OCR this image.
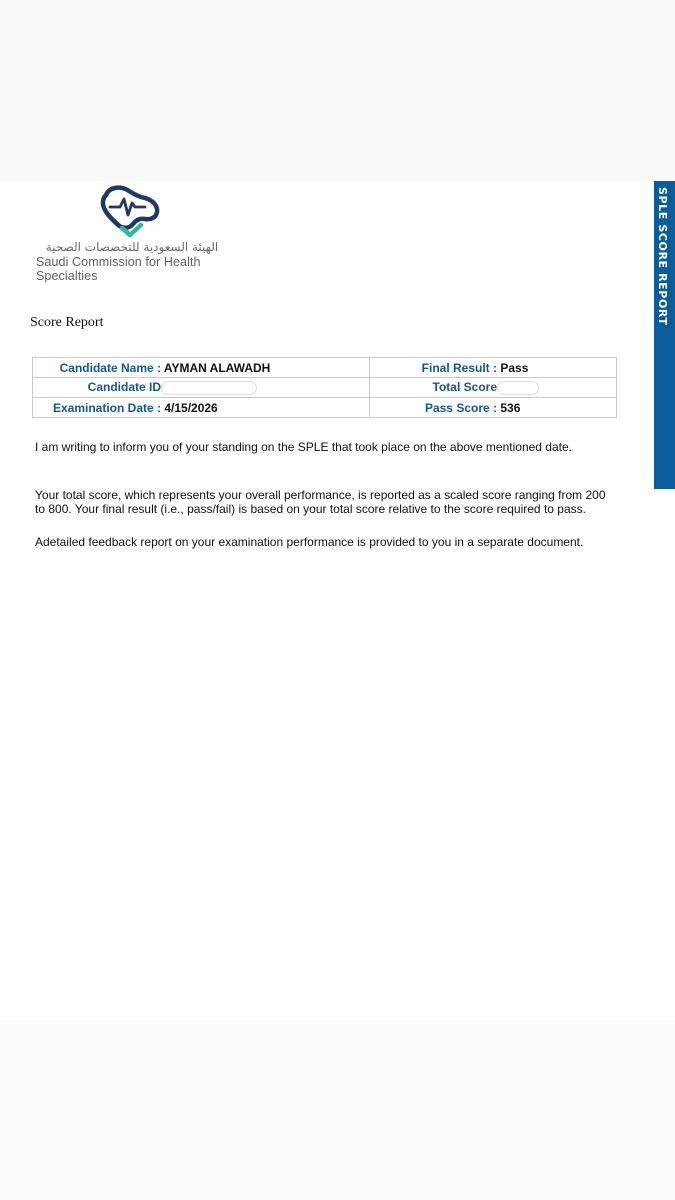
الهيئة السعودية للتخصصات الصحية
Saudi Commission for Health Specialties	SPLE SCORE REPORT
Score Report
Candidate Name : AYMAN ALAWADH	Final Result : Pass
Candidate ID	Total Score
Examination Date : 4/15/2026	Pass Score : 536

I am writing to inform you of your standing on the SPLE that took place on the above mentioned date.

Your total score, which represents your overall performance, is reported as a scaled score ranging from 200 to 800. Your final result (i.e., pass/fail) is based on your total score relative to the score required to pass.

Adetailed feedback report on your examination performance is provided to you in a separate document.
